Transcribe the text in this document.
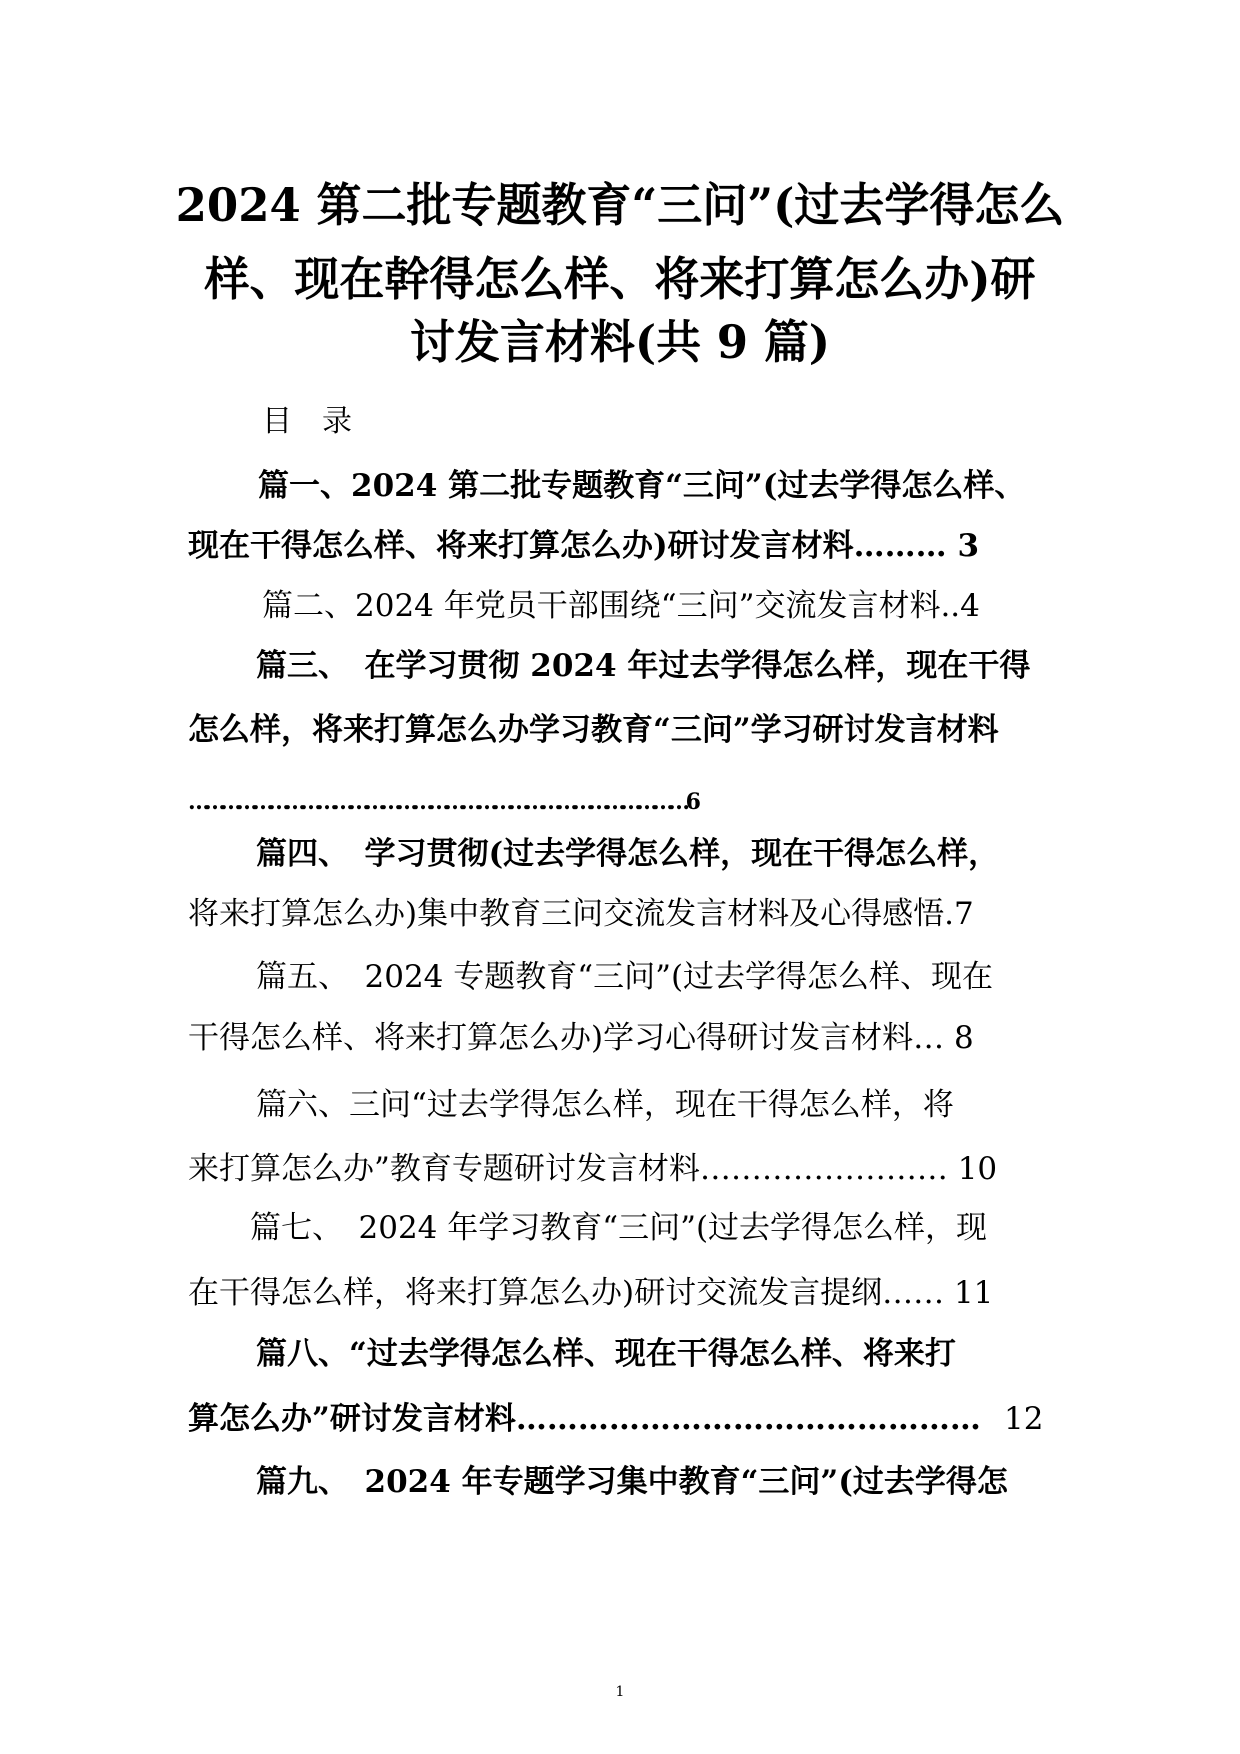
2024 第二批专题教育“三问”(过去学得怎么
样、现在幹得怎么样、将来打算怎么办)研
讨发言材料(共 9 篇)
目　录
篇一、2024 第二批专题教育“三问”(过去学得怎么样、
现在干得怎么样、将来打算怎么办)研讨发言材料……… 3
篇二、2024 年党员干部围绕“三问”交流发言材料..4
篇三、　在学习贯彻 2024 年过去学得怎么样，现在干得
怎么样，将来打算怎么办学习教育“三问”学习研讨发言材料
………………………………………………………………………………… 6
篇四、　学习贯彻(过去学得怎么样，现在干得怎么样，
将来打算怎么办)集中教育三问交流发言材料及心得感悟.7
篇五、　2024 专题教育“三问”(过去学得怎么样、现在
干得怎么样、将来打算怎么办)学习心得研讨发言材料… 8
篇六、三问“过去学得怎么样，现在干得怎么样，将
来打算怎么办”教育专题研讨发言材料…………………… 10
篇七、　2024 年学习教育“三问”(过去学得怎么样，现
在干得怎么样，将来打算怎么办)研讨交流发言提纲…… 11
篇八、“过去学得怎么样、现在干得怎么样、将来打
算怎么办”研讨发言材料……………………………………… 12
篇九、　2024 年专题学习集中教育“三问”(过去学得怎
1
